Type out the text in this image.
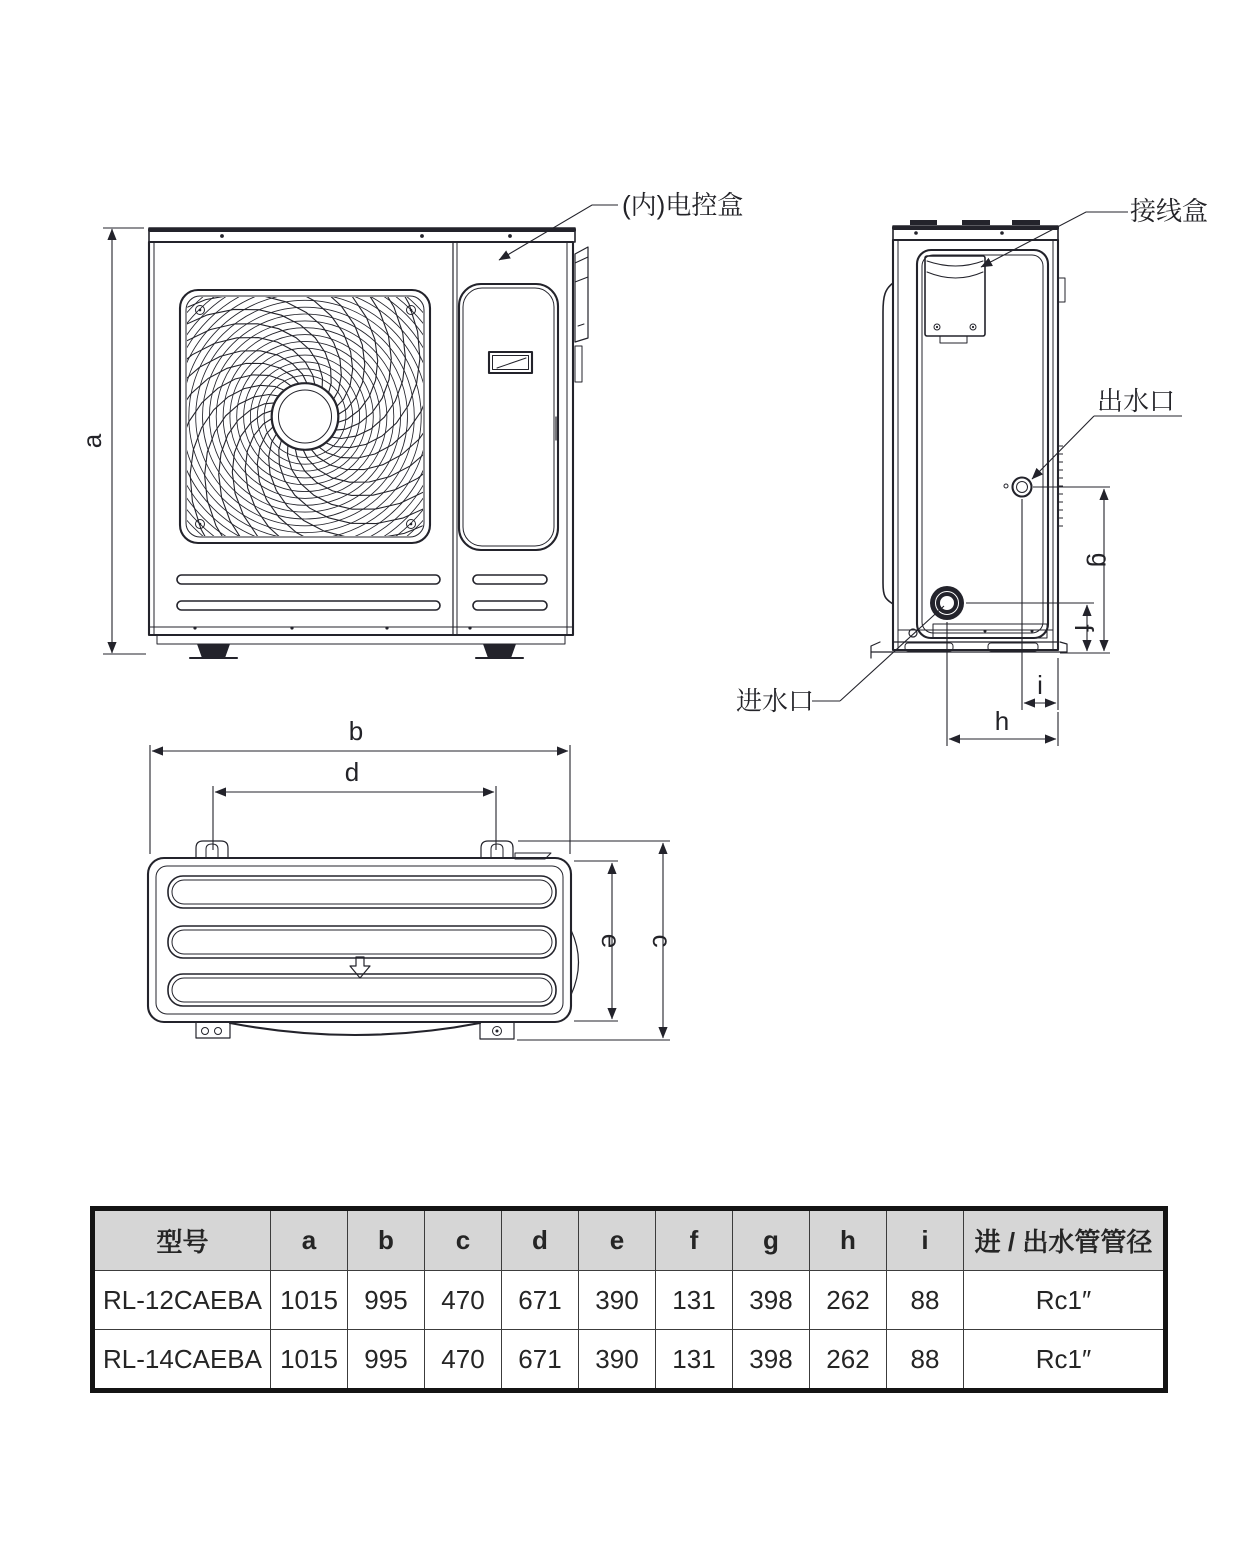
a
(内)电控盒
g
f
i
h
接线盒
出水口
进水口
b
d
e c
型号	a	b	c	d	e	f	g	h	i	进 / 出水管管径
RL-12CAEBA	1015	995	470	671	390	131	398	262	88	Rc1″
RL-14CAEBA	1015	995	470	671	390	131	398	262	88	Rc1″
